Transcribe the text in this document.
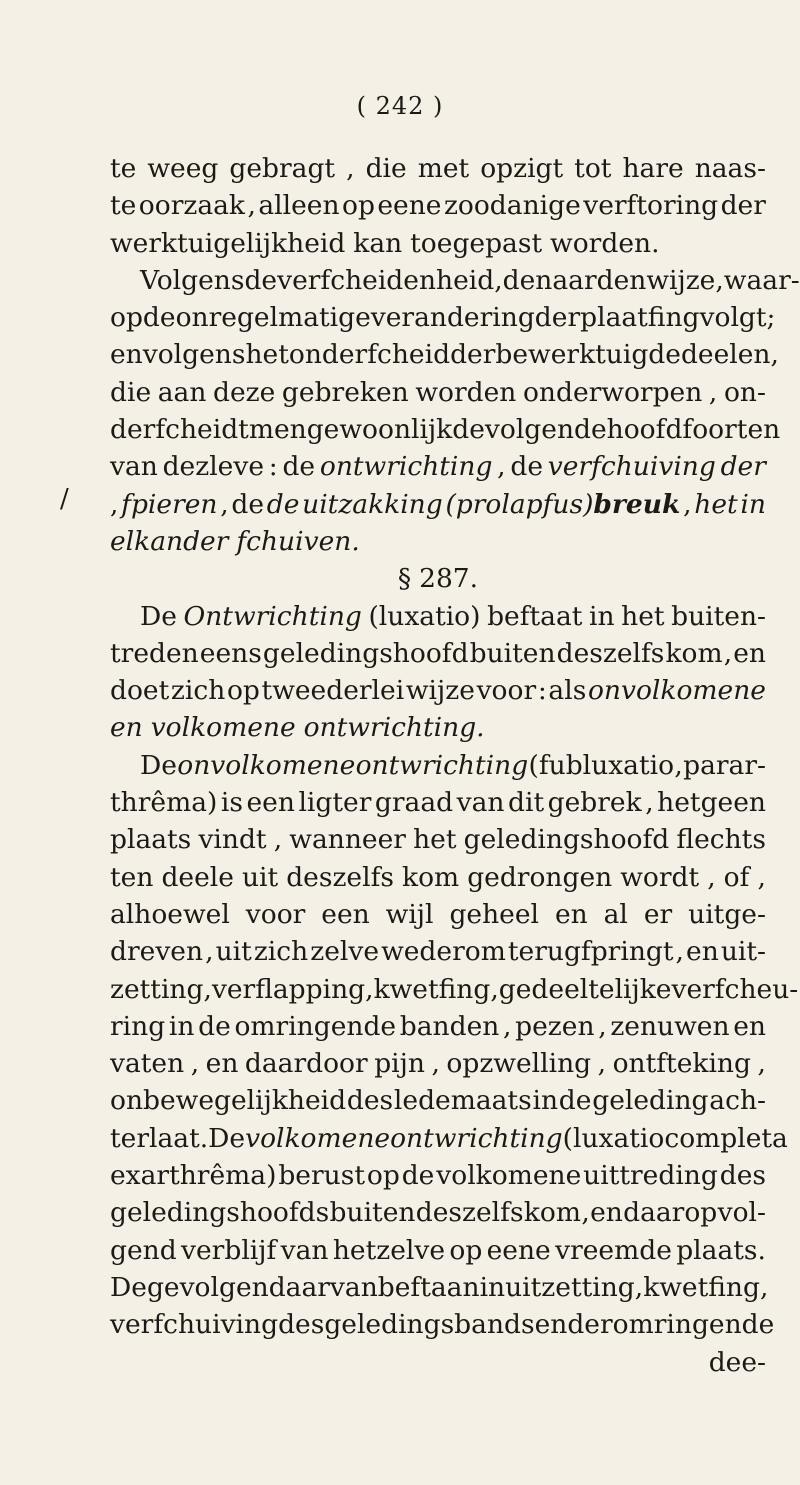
( 242 )
/
te weeg gebragt , die met opzigt tot hare naas-
te oorzaak , alleen op eene zoodanige verftoring der
werktuigelijkheid kan toegepast worden.
Volgens de verfcheidenheid, den aard en wijze, waar-
op de onregelmatige verandering der plaatfing volgt;
en volgens het onderfcheid der bewerktuigde deelen ,
die aan deze gebreken worden onderworpen , on-
derfcheidt men gewoonlijk de volgende hoofdfoorten
van dezleve : de ontwrichting , de verfchuiving der
, fpieren , de de uitzakking (prolapfus)breuk , het in
elkander fchuiven.
§ 287.
De Ontwrichting (luxatio) beftaat in het buiten-
treden eens geledingshoofd buiten deszelfs kom , en
doet zich op tweederlei wijze voor : als onvolkomene
en volkomene ontwrichting.
De onvolkomene ontwrichting (fubluxatio , parar-
thrêma) is een ligter graad van dit gebrek , hetgeen
plaats vindt , wanneer het geledingshoofd flechts
ten deele uit deszelfs kom gedrongen wordt , of ,
alhoewel voor een wijl geheel en al er uitge-
dreven , uit zich zelve wederom terugfpringt , en uit-
zetting , verflapping , kwetfing , gedeeltelijke verfcheu-
ring in de omringende banden , pezen , zenuwen en
vaten , en daardoor pijn , opzwelling , ontfteking ,
onbewegelijkheid des ledemaats in de geleding ach-
terlaat. De volkomene ontwrichting (luxatio completa
exarthrêma) berust op de volkomene uittreding des
geledingshoofds buiten deszelfs kom , en daarop vol-
gend verblijf van hetzelve op eene vreemde plaats.
De gevolgen daarvan beftaan in uitzetting , kwetfing ,
verfchuiving des geledingsbands en der omringende
dee-
